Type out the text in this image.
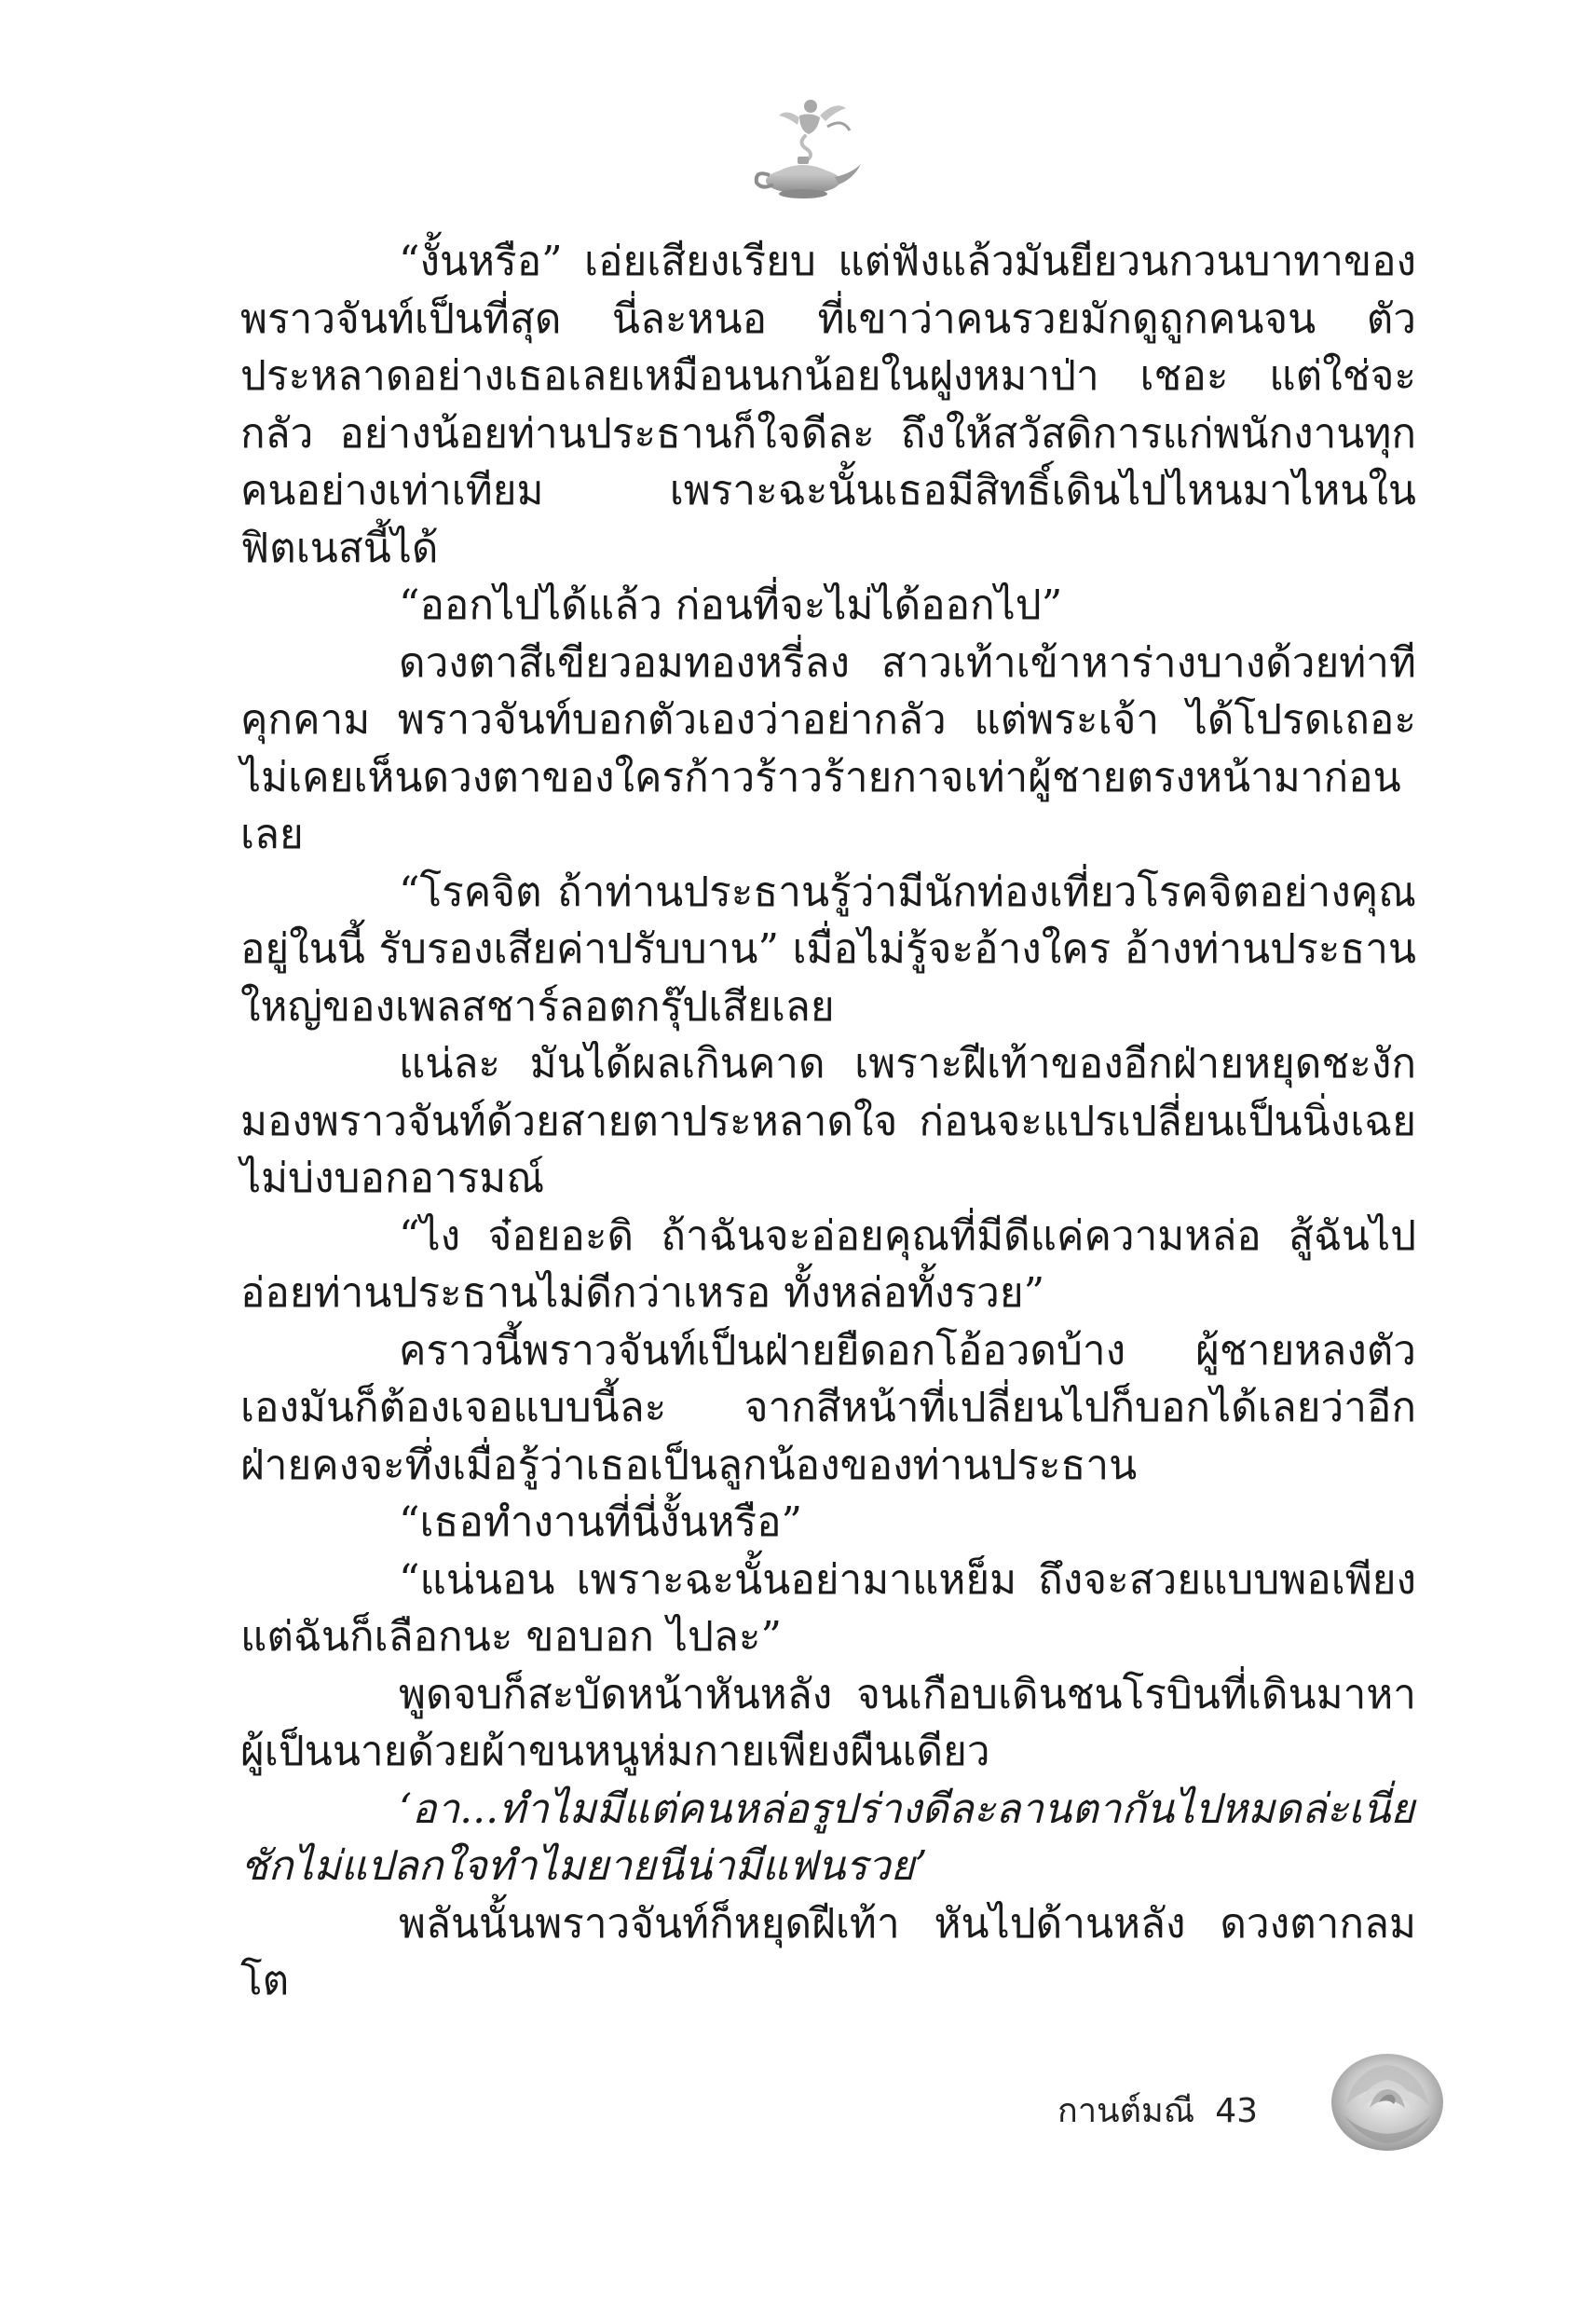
“งั้นหรือ” เอ่ยเสียงเรียบ แต่ฟังแล้วมันยียวนกวนบาทาของพราวจันท์เป็นที่สุด นี่ละหนอ ที่เขาว่าคนรวยมักดูถูกคนจน ตัวประหลาดอย่างเธอเลยเหมือนนกน้อยในฝูงหมาป่า เชอะ แต่ใช่จะกลัว อย่างน้อยท่านประธานก็ใจดีละ ถึงให้สวัสดิการแก่พนักงานทุกคนอย่างเท่าเทียม เพราะฉะนั้นเธอมีสิทธิ์เดินไปไหนมาไหนในฟิตเนสนี้ได้

“ออกไปได้แล้ว ก่อนที่จะไม่ได้ออกไป”

ดวงตาสีเขียวอมทองหรี่ลง สาวเท้าเข้าหาร่างบางด้วยท่าทีคุกคาม พราวจันท์บอกตัวเองว่าอย่ากลัว แต่พระเจ้า ได้โปรดเถอะ ไม่เคยเห็นดวงตาของใครก้าวร้าวร้ายกาจเท่าผู้ชายตรงหน้ามาก่อนเลย

“โรคจิต ถ้าท่านประธานรู้ว่ามีนักท่องเที่ยวโรคจิตอย่างคุณอยู่ในนี้ รับรองเสียค่าปรับบาน” เมื่อไม่รู้จะอ้างใคร อ้างท่านประธานใหญ่ของเพลสชาร์ลอตกรุ๊ปเสียเลย

แน่ละ มันได้ผลเกินคาด เพราะฝีเท้าของอีกฝ่ายหยุดชะงักมองพราวจันท์ด้วยสายตาประหลาดใจ ก่อนจะแปรเปลี่ยนเป็นนิ่งเฉยไม่บ่งบอกอารมณ์

“ไง จ๋อยอะดิ ถ้าฉันจะอ่อยคุณที่มีดีแค่ความหล่อ สู้ฉันไปอ่อยท่านประธานไม่ดีกว่าเหรอ ทั้งหล่อทั้งรวย”

คราวนี้พราวจันท์เป็นฝ่ายยืดอกโอ้อวดบ้าง ผู้ชายหลงตัวเองมันก็ต้องเจอแบบนี้ละ จากสีหน้าที่เปลี่ยนไปก็บอกได้เลยว่าอีกฝ่ายคงจะทึ่งเมื่อรู้ว่าเธอเป็นลูกน้องของท่านประธาน

“เธอทำงานที่นี่งั้นหรือ”

“แน่นอน เพราะฉะนั้นอย่ามาแหย็ม ถึงจะสวยแบบพอเพียงแต่ฉันก็เลือกนะ ขอบอก ไปละ”

พูดจบก็สะบัดหน้าหันหลัง จนเกือบเดินชนโรบินที่เดินมาหาผู้เป็นนายด้วยผ้าขนหนูห่มกายเพียงผืนเดียว

‘อา...ทำไมมีแต่คนหล่อรูปร่างดีละลานตากันไปหมดล่ะเนี่ย ชักไม่แปลกใจทำไมยายนีน่ามีแฟนรวย’

พลันนั้นพราวจันท์ก็หยุดฝีเท้า หันไปด้านหลัง ดวงตากลมโต

กานต์มณี 43
